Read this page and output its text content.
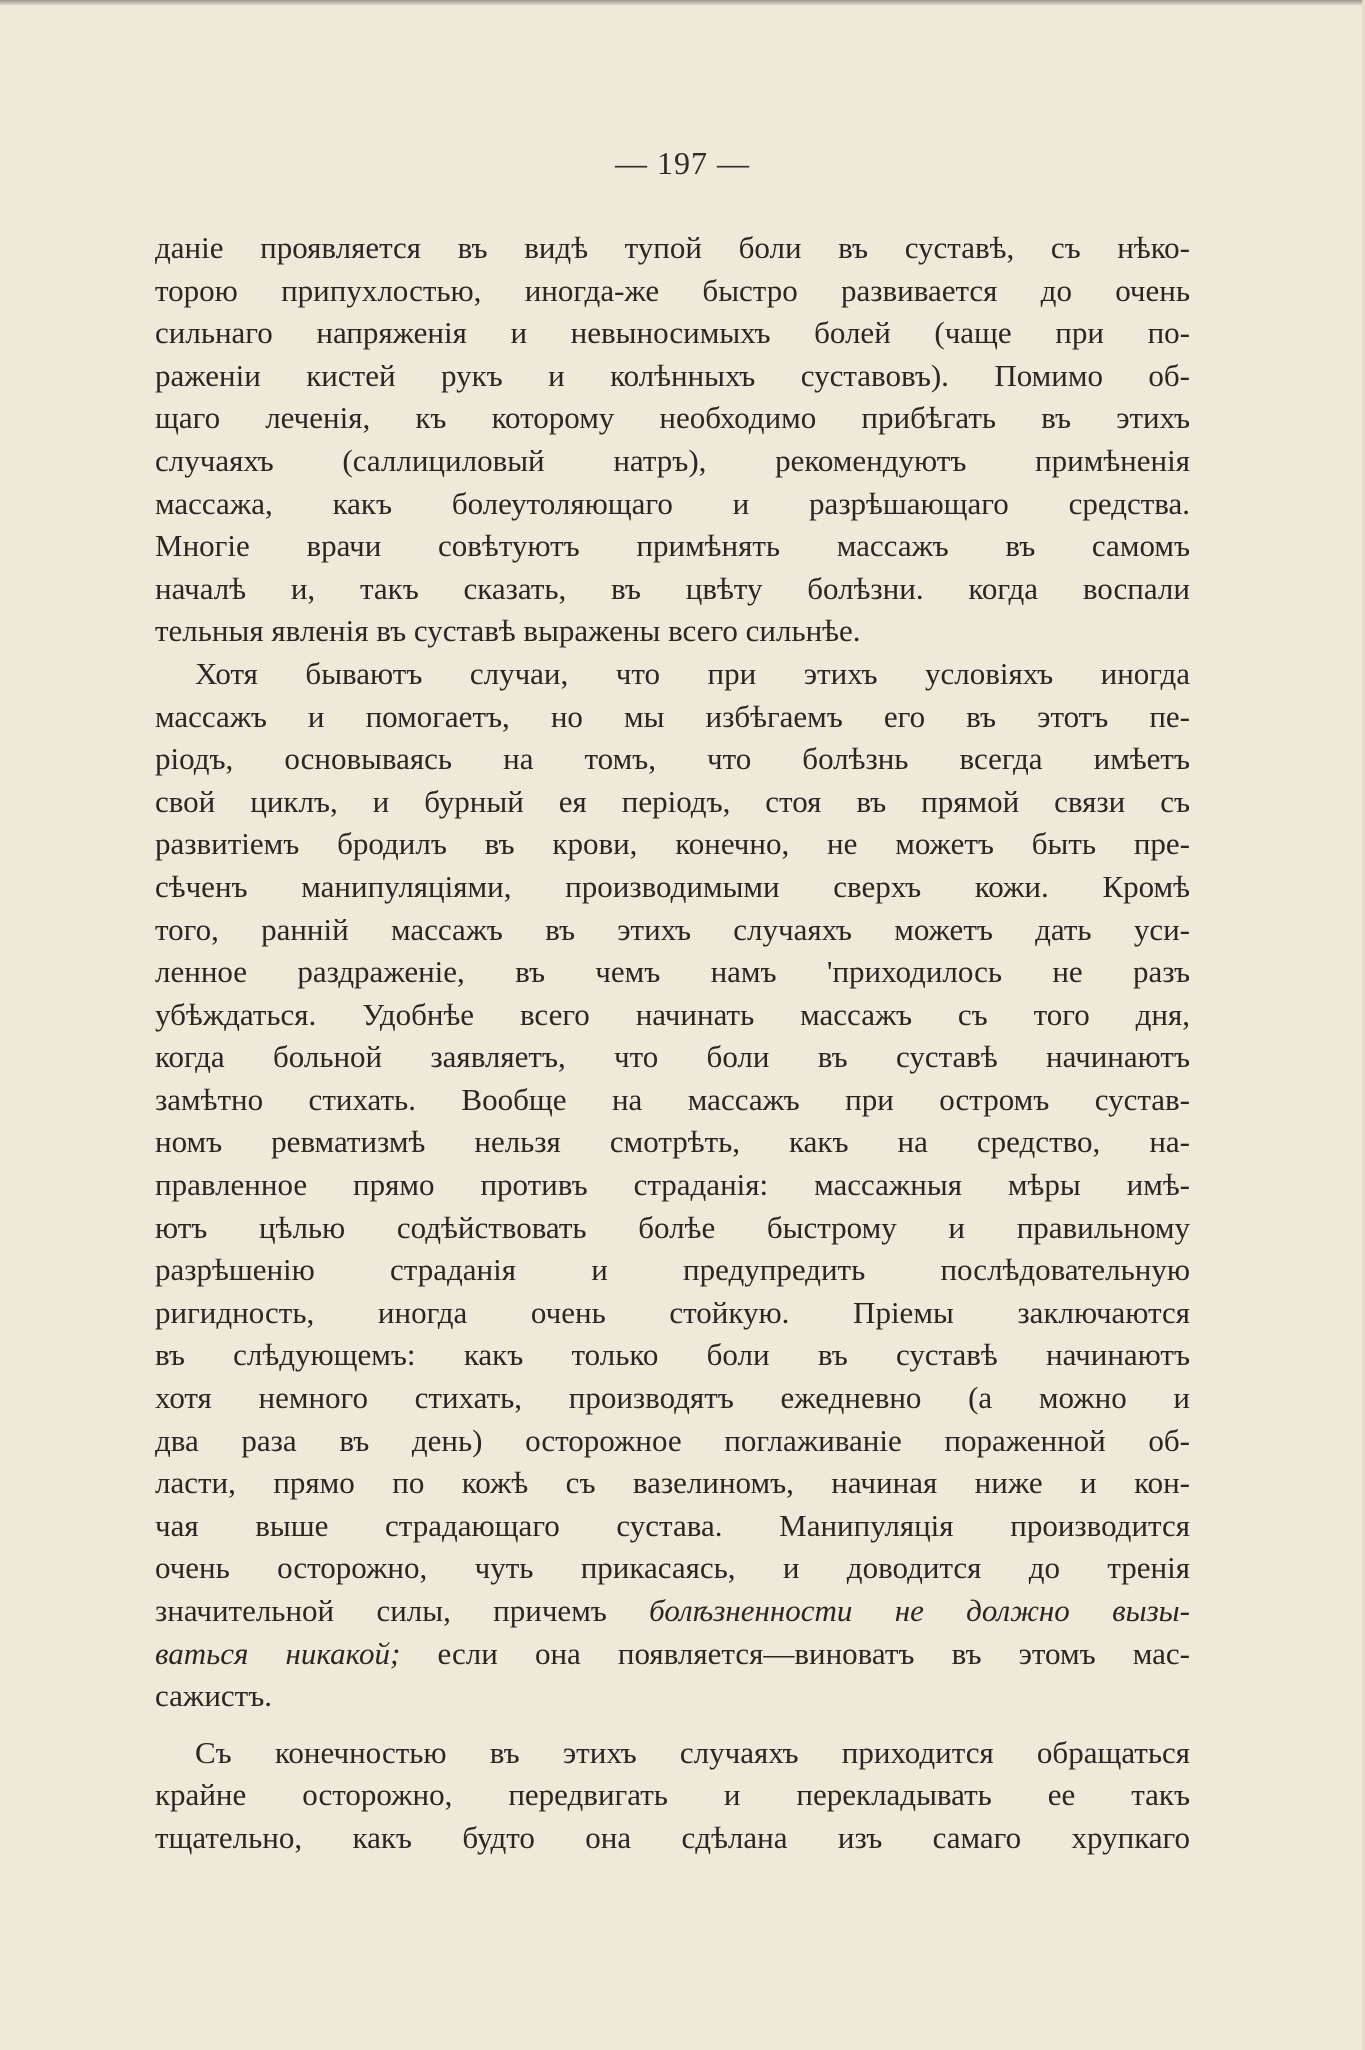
— 197 —
даніе проявляется въ видѣ тупой боли въ суставѣ, съ нѣко-
торою припухлостью, иногда-же быстро развивается до очень
сильнаго напряженія и невыносимыхъ болей (чаще при по-
раженіи кистей рукъ и колѣнныхъ суставовъ). Помимо об-
щаго леченія, къ которому необходимо прибѣгать въ этихъ
случаяхъ (саллициловый натръ), рекомендуютъ примѣненія
массажа, какъ болеутоляющаго и разрѣшающаго средства.
Многіе врачи совѣтуютъ примѣнять массажъ въ самомъ
началѣ и, такъ сказать, въ цвѣту болѣзни. когда воспали
тельныя явленія въ суставѣ выражены всего сильнѣе.
Хотя бываютъ случаи, что при этихъ условіяхъ иногда
массажъ и помогаетъ, но мы избѣгаемъ его въ этотъ пе-
ріодъ, основываясь на томъ, что болѣзнь всегда имѣетъ
свой циклъ, и бурный ея періодъ, стоя въ прямой связи съ
развитіемъ бродилъ въ крови, конечно, не можетъ быть пре-
сѣченъ манипуляціями, производимыми сверхъ кожи. Кромѣ
того, ранній массажъ въ этихъ случаяхъ можетъ дать уси-
ленное раздраженіе, въ чемъ намъ 'приходилось не разъ
убѣждаться. Удобнѣе всего начинать массажъ съ того дня,
когда больной заявляетъ, что боли въ суставѣ начинаютъ
замѣтно стихать. Вообще на массажъ при остромъ сустав-
номъ ревматизмѣ нельзя смотрѣть, какъ на средство, на-
правленное прямо противъ страданія: массажныя мѣры имѣ-
ютъ цѣлью содѣйствовать болѣе быстрому и правильному
разрѣшенію страданія и предупредить послѣдовательную
ригидность, иногда очень стойкую. Пріемы заключаются
въ слѣдующемъ: какъ только боли въ суставѣ начинаютъ
хотя немного стихать, производятъ ежедневно (а можно и
два раза въ день) осторожное поглаживаніе пораженной об-
ласти, прямо по кожѣ съ вазелиномъ, начиная ниже и кон-
чая выше страдающаго сустава. Манипуляція производится
очень осторожно, чуть прикасаясь, и доводится до тренія
значительной силы, причемъ болѣзненности не должно вызы-
ваться никакой; если она появляется—виноватъ въ этомъ мас-
сажистъ.
Съ конечностью въ этихъ случаяхъ приходится обращаться
крайне осторожно, передвигать и перекладывать ее такъ
тщательно, какъ будто она сдѣлана изъ самаго хрупкаго
